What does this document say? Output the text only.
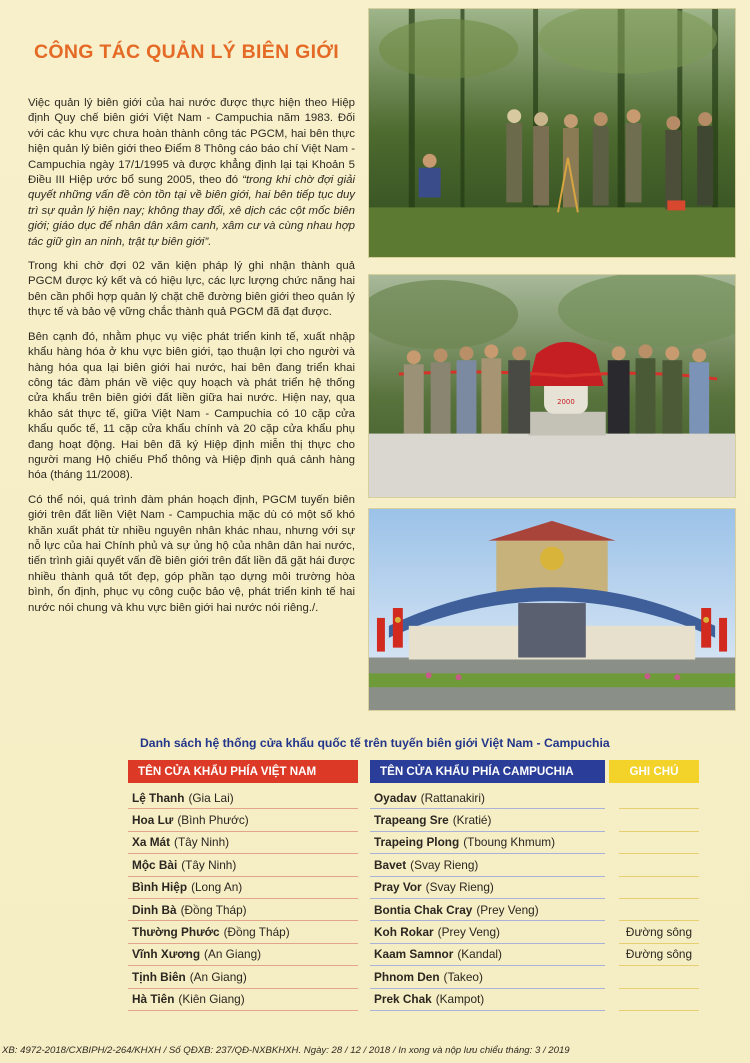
CÔNG TÁC QUẢN LÝ BIÊN GIỚI

Việc quản lý biên giới của hai nước được thực hiện theo Hiệp định Quy chế biên giới Việt Nam - Campuchia năm 1983. Đối với các khu vực chưa hoàn thành công tác PGCM, hai bên thực hiện quản lý biên giới theo Điểm 8 Thông cáo báo chí Việt Nam - Campuchia ngày 17/1/1995 và được khẳng định lại tại Khoản 5 Điều III Hiệp ước bổ sung 2005, theo đó “trong khi chờ đợi giải quyết những vấn đề còn tồn tại về biên giới, hai bên tiếp tục duy trì sự quản lý hiện nay; không thay đổi, xê dịch các cột mốc biên giới; giáo dục để nhân dân xâm canh, xâm cư và cùng nhau hợp tác giữ gìn an ninh, trật tự biên giới”.

Trong khi chờ đợi 02 văn kiện pháp lý ghi nhận thành quả PGCM được ký kết và có hiệu lực, các lực lượng chức năng hai bên cần phối hợp quản lý chặt chẽ đường biên giới theo quản lý thực tế và bảo vệ vững chắc thành quả PGCM đã đạt được.

Bên cạnh đó, nhằm phục vụ việc phát triển kinh tế, xuất nhập khẩu hàng hóa ở khu vực biên giới, tạo thuận lợi cho người và hàng hóa qua lại biên giới hai nước, hai bên đang triển khai công tác đàm phán về việc quy hoạch và phát triển hệ thống cửa khẩu trên biên giới đất liền giữa hai nước. Hiện nay, qua khảo sát thực tế, giữa Việt Nam - Campuchia có 10 cặp cửa khẩu quốc tế, 11 cặp cửa khẩu chính và 20 cặp cửa khẩu phụ đang hoạt động. Hai bên đã ký Hiệp định miễn thị thực cho người mang Hộ chiếu Phổ thông và Hiệp định quá cảnh hàng hóa (tháng 11/2008).

Có thể nói, quá trình đàm phán hoạch định, PGCM tuyến biên giới trên đất liền Việt Nam - Campuchia mặc dù có một số khó khăn xuất phát từ nhiều nguyên nhân khác nhau, nhưng với sự nỗ lực của hai Chính phủ và sự ủng hộ của nhân dân hai nước, tiến trình giải quyết vấn đề biên giới trên đất liền đã gặt hái được nhiều thành quả tốt đẹp, góp phần tạo dựng môi trường hòa bình, ổn định, phục vụ công cuộc bảo vệ, phát triển kinh tế hai nước nói chung và khu vực biên giới hai nước nói riêng./.

2000
Danh sách hệ thống cửa khẩu quốc tế trên tuyến biên giới Việt Nam - Campuchia
TÊN CỬA KHẨU PHÍA VIỆT NAM	TÊN CỬA KHẨU PHÍA CAMPUCHIA	GHI CHÚ
Lệ Thanh (Gia Lai)	Oyadav (Rattanakiri)
Hoa Lư (Bình Phước)	Trapeang Sre (Kratié)
Xa Mát (Tây Ninh)	Trapeing Plong (Tboung Khmum)
Mộc Bài (Tây Ninh)	Bavet (Svay Rieng)
Bình Hiệp (Long An)	Pray Vor (Svay Rieng)
Dinh Bà (Đồng Tháp)	Bontia Chak Cray (Prey Veng)
Thường Phước (Đồng Tháp)	Koh Rokar (Prey Veng)	Đường sông
Vĩnh Xương (An Giang)	Kaam Samnor (Kandal)	Đường sông
Tịnh Biên (An Giang)	Phnom Den (Takeo)
Hà Tiên (Kiên Giang)	Prek Chak (Kampot)
XB: 4972-2018/CXBIPH/2-264/KHXH / Số QĐXB: 237/QĐ-NXBKHXH. Ngày: 28 / 12 / 2018 / In xong và nộp lưu chiểu tháng: 3 / 2019
